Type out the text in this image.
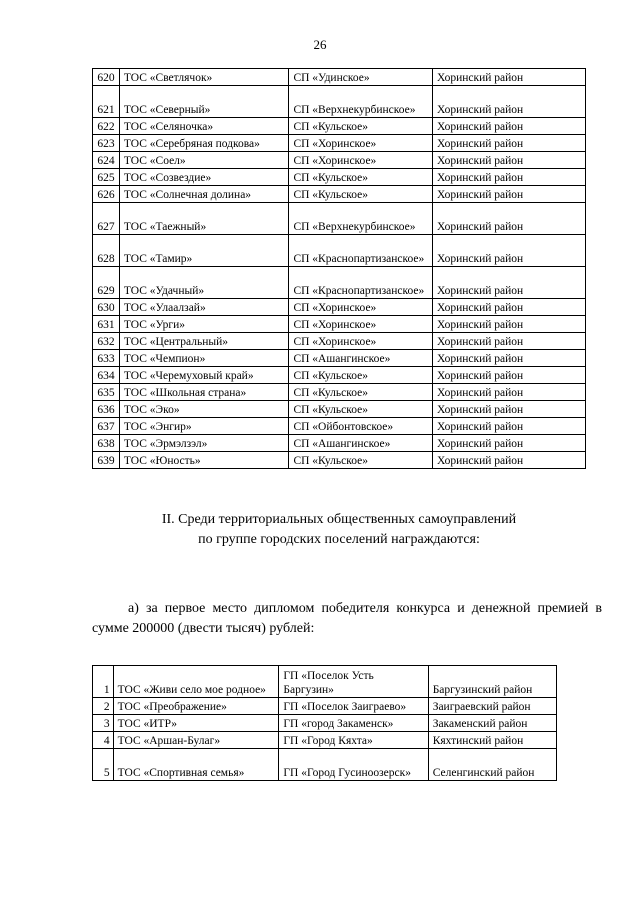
26
620	ТОС «Светлячок»	СП «Удинское»	Хоринский район
621	ТОС «Северный»	СП «Верхнекурбинское»	Хоринский район
622	ТОС «Селяночка»	СП «Кульское»	Хоринский район
623	ТОС «Серебряная подкова»	СП «Хоринское»	Хоринский район
624	ТОС «Соел»	СП «Хоринское»	Хоринский район
625	ТОС «Созвездие»	СП «Кульское»	Хоринский район
626	ТОС «Солнечная долина»	СП «Кульское»	Хоринский район
627	ТОС «Таежный»	СП «Верхнекурбинское»	Хоринский район
628	ТОС «Тамир»	СП «Краснопартизанское»	Хоринский район
629	ТОС «Удачный»	СП «Краснопартизанское»	Хоринский район
630	ТОС «Улаалзай»	СП «Хоринское»	Хоринский район
631	ТОС «Урги»	СП «Хоринское»	Хоринский район
632	ТОС «Центральный»	СП «Хоринское»	Хоринский район
633	ТОС «Чемпион»	СП «Ашангинское»	Хоринский район
634	ТОС «Черемуховый край»	СП «Кульское»	Хоринский район
635	ТОС «Школьная страна»	СП «Кульское»	Хоринский район
636	ТОС «Эко»	СП «Кульское»	Хоринский район
637	ТОС «Энгир»	СП «Ойбонтовское»	Хоринский район
638	ТОС «Эрмэлзэл»	СП «Ашангинское»	Хоринский район
639	ТОС «Юность»	СП «Кульское»	Хоринский район
II. Среди территориальных общественных самоуправлений
по группе городских поселений награждаются:
а) за первое место дипломом победителя конкурса и денежной премией в сумме 200000 (двести тысяч) рублей:
1	ТОС «Живи село мое родное»	ГП «Поселок Усть Баргузин»	Баргузинский район
2	ТОС «Преображение»	ГП «Поселок Заиграево»	Заиграевский район
3	ТОС «ИТР»	ГП «город Закаменск»	Закаменский район
4	ТОС «Аршан-Булаг»	ГП «Город Кяхта»	Кяхтинский район
5	ТОС «Спортивная семья»	ГП «Город Гусиноозерск»	Селенгинский район
